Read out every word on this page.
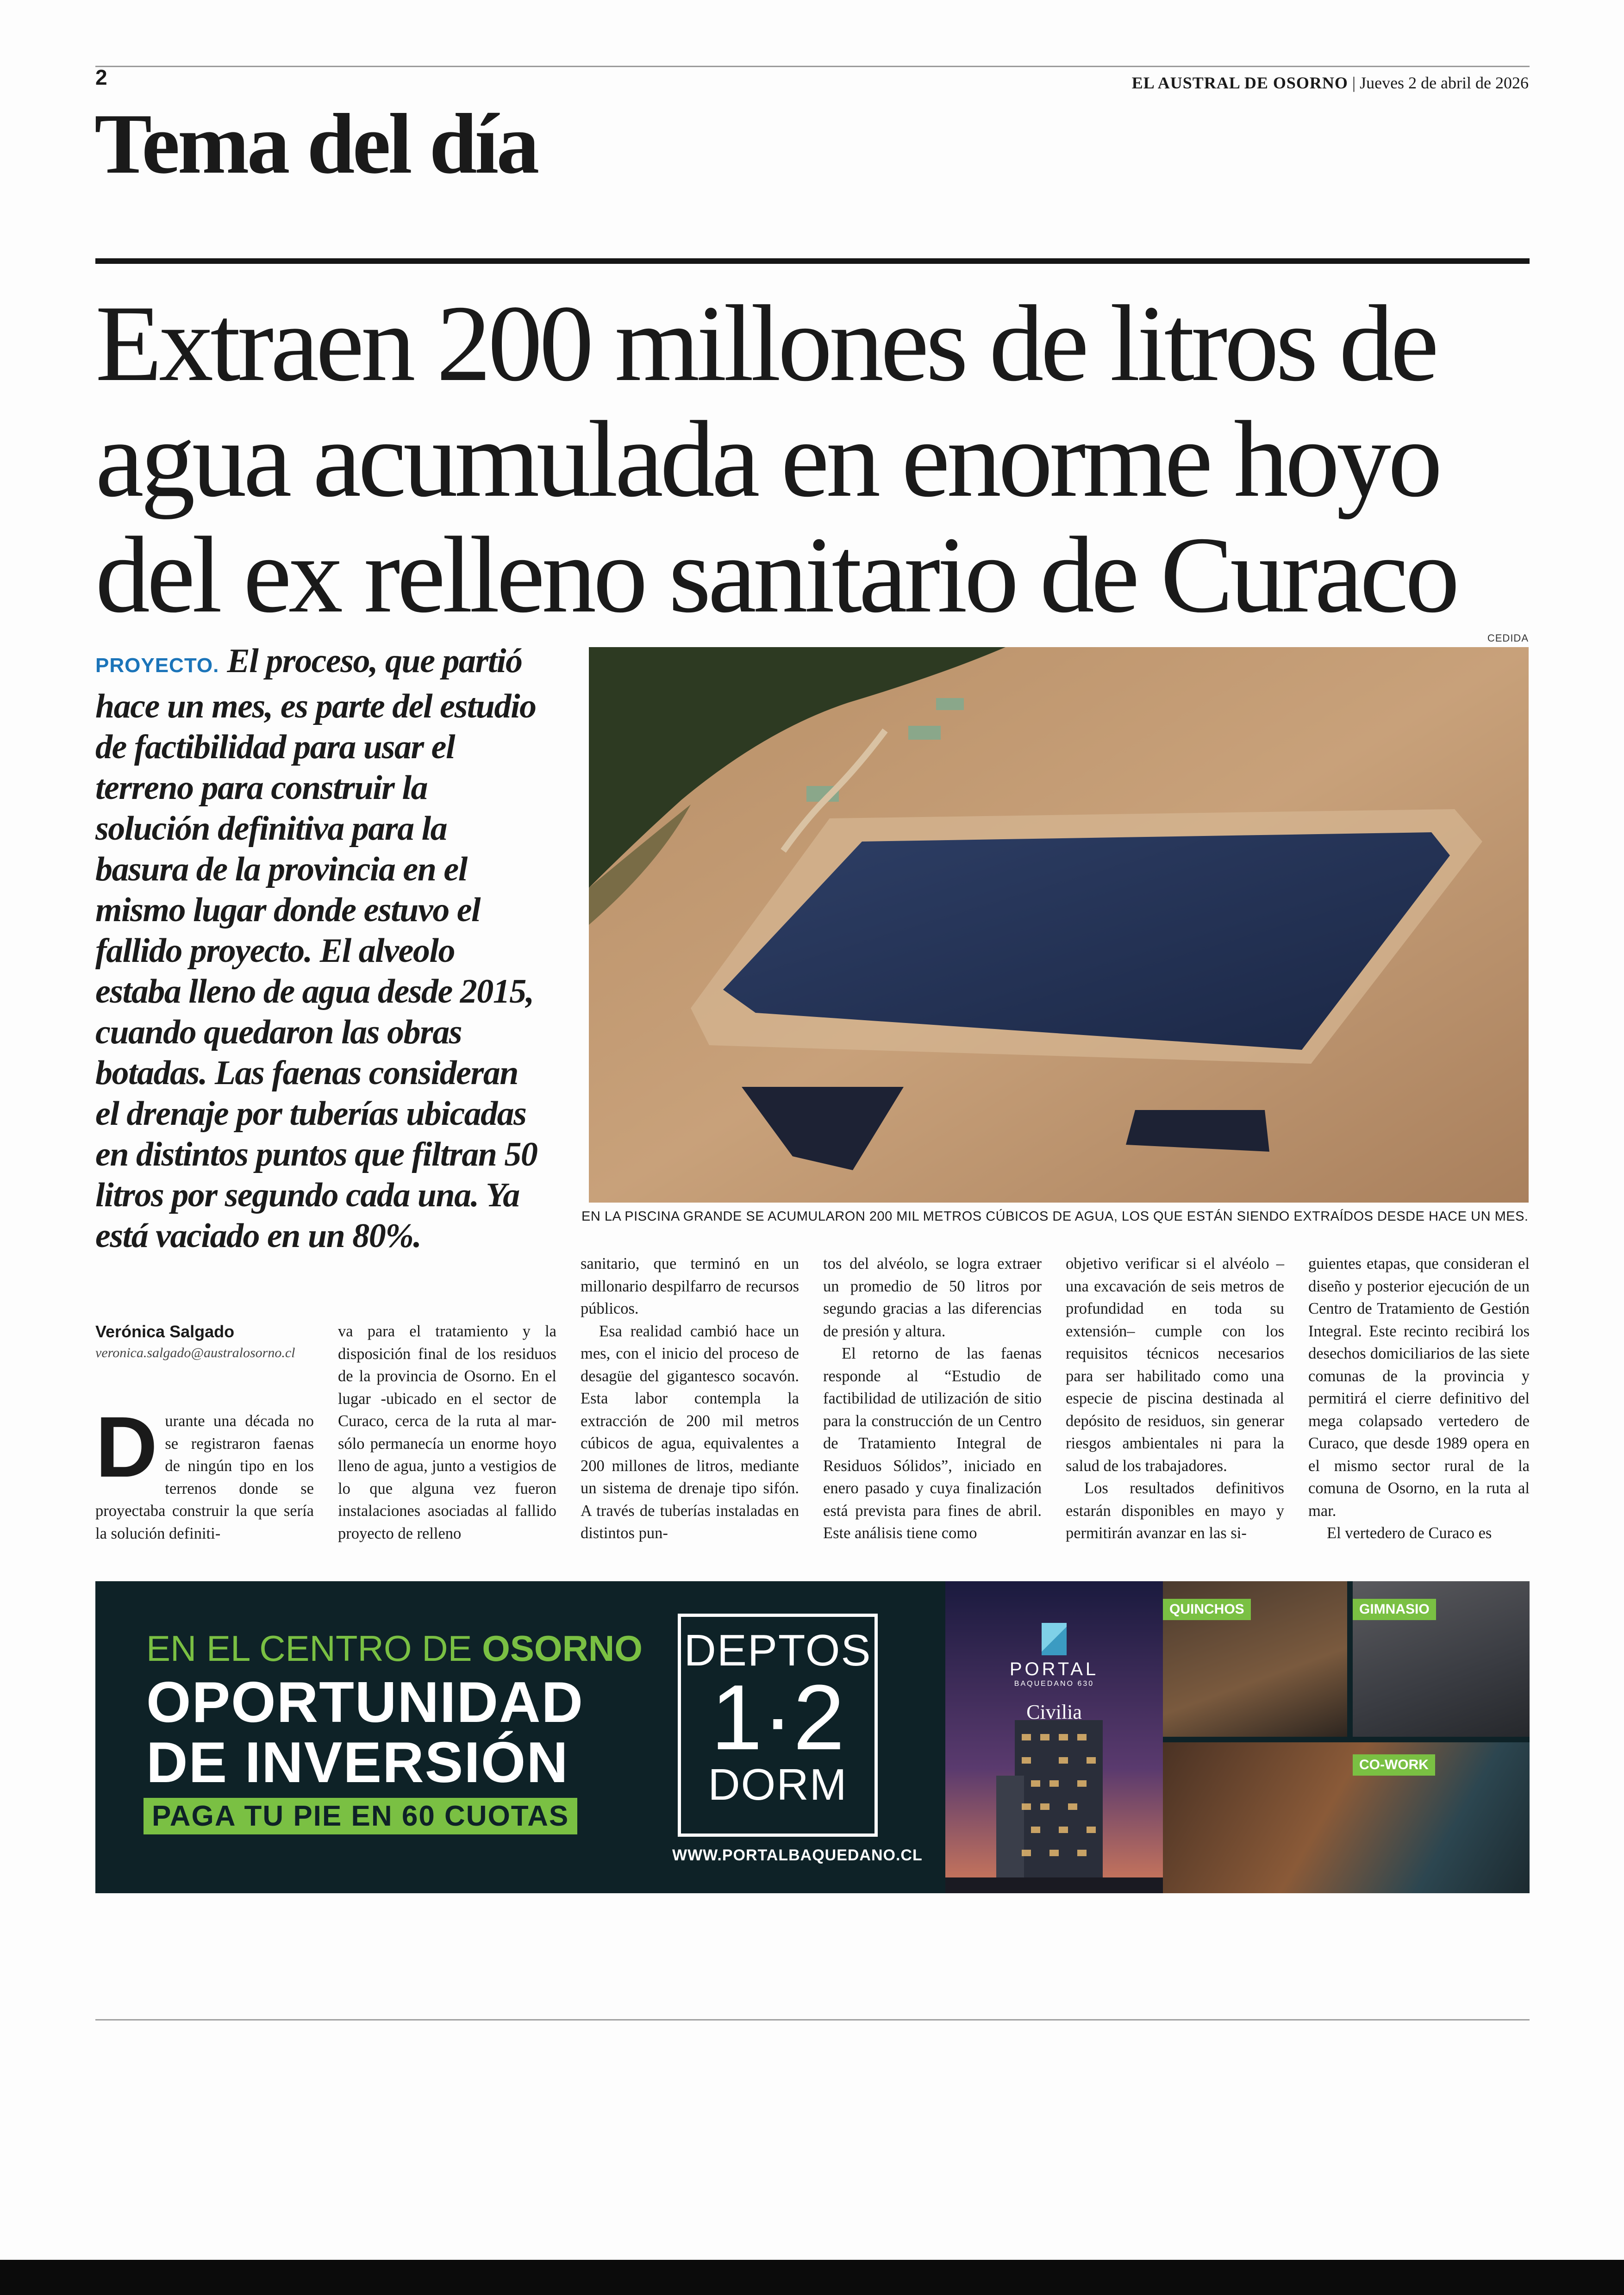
2	EL AUSTRAL DE OSORNO | Jueves 2 de abril de 2026
Tema del día
Extraen 200 millones de litros de agua acumulada en enorme hoyo del ex relleno sanitario de Curaco
PROYECTO. El proceso, que partió hace un mes, es parte del estudio de factibilidad para usar el terreno para construir la solución definitiva para la basura de la provincia en el mismo lugar donde estuvo el fallido proyecto. El alveolo estaba lleno de agua desde 2015, cuando quedaron las obras botadas. Las faenas consideran el drenaje por tuberías ubicadas en distintos puntos que filtran 50 litros por segundo cada una. Ya está vaciado en un 80%.
CEDIDA
EN LA PISCINA GRANDE SE ACUMULARON 200 MIL METROS CÚBICOS DE AGUA, LOS QUE ESTÁN SIENDO EXTRAÍDOS DESDE HACE UN MES.
Verónica Salgado
veronica.salgado@australosorno.cl
D urante una década no se registraron faenas de ningún tipo en los terrenos donde se proyectaba construir la que sería la solución definiti-

va para el tratamiento y la disposición final de los residuos de la provincia de Osorno. En el lugar -ubicado en el sector de Curaco, cerca de la ruta al mar- sólo permanecía un enorme hoyo lleno de agua, junto a vestigios de lo que alguna vez fueron instalaciones asociadas al fallido proyecto de relleno

sanitario, que terminó en un millonario despilfarro de recursos públicos.

Esa realidad cambió hace un mes, con el inicio del proceso de desagüe del gigantesco socavón. Esta labor contempla la extracción de 200 mil metros cúbicos de agua, equivalentes a 200 millones de litros, mediante un sistema de drenaje tipo sifón. A través de tuberías instaladas en distintos pun-

tos del alvéolo, se logra extraer un promedio de 50 litros por segundo gracias a las diferencias de presión y altura.

El retorno de las faenas responde al “Estudio de factibilidad de utilización de sitio para la construcción de un Centro de Tratamiento Integral de Residuos Sólidos”, iniciado en enero pasado y cuya finalización está prevista para fines de abril. Este análisis tiene como

objetivo verificar si el alvéolo – una excavación de seis metros de profundidad en toda su extensión– cumple con los requisitos técnicos necesarios para ser habilitado como una especie de piscina destinada al depósito de residuos, sin generar riesgos ambientales ni para la salud de los trabajadores.

Los resultados definitivos estarán disponibles en mayo y permitirán avanzar en las si-

guientes etapas, que consideran el diseño y posterior ejecución de un Centro de Tratamiento de Gestión Integral. Este recinto recibirá los desechos domiciliarios de las siete comunas de la provincia y permitirá el cierre definitivo del mega colapsado vertedero de Curaco, que desde 1989 opera en el mismo sector rural de la comuna de Osorno, en la ruta al mar.

El vertedero de Curaco es

EN EL CENTRO DE OSORNO
OPORTUNIDAD
DE INVERSIÓN
PAGA TU PIE EN 60 CUOTAS
DEPTOS
1·2
DORM
WWW.PORTALBAQUEDANO.CL
PORTAL
BAQUEDANO 630
Civilia
QUINCHOS	GIMNASIO
CO-WORK
